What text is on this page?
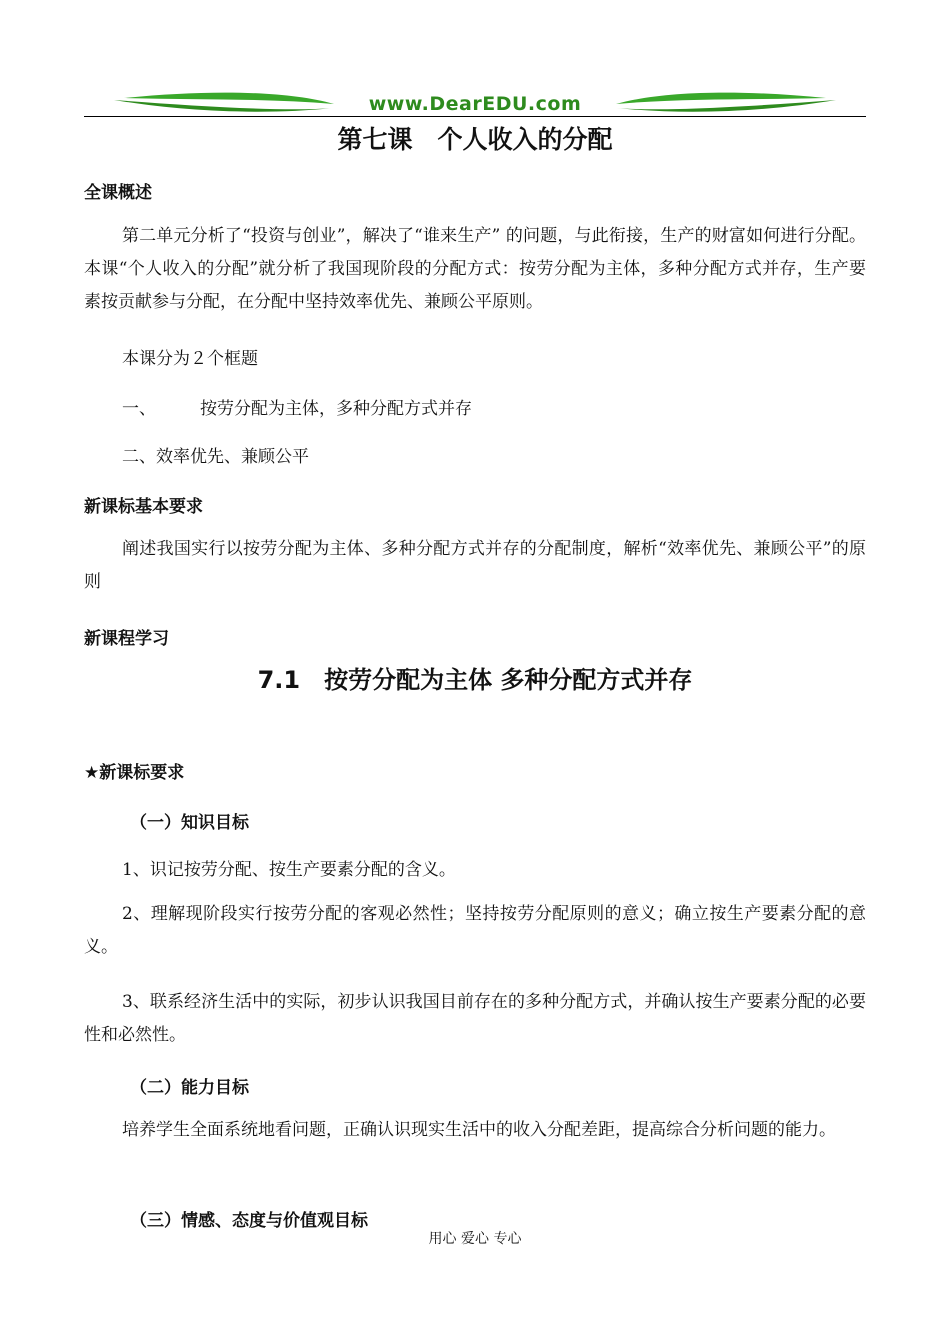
www.DearEDU.com
第七课　个人收入的分配
全课概述
第二单元分析了“投资与创业”，解决了“谁来生产” 的问题，与此衔接，生产的财富如何进行分配。本课“个人收入的分配”就分析了我国现阶段的分配方式：按劳分配为主体，多种分配方式并存，生产要素按贡献参与分配，在分配中坚持效率优先、兼顾公平原则。
本课分为２个框题
一、	按劳分配为主体，多种分配方式并存
二、效率优先、兼顾公平
新课标基本要求
阐述我国实行以按劳分配为主体、多种分配方式并存的分配制度，解析“效率优先、兼顾公平”的原则
新课程学习
7.1　按劳分配为主体 多种分配方式并存
★新课标要求
（一）知识目标
1、识记按劳分配、按生产要素分配的含义。
2、理解现阶段实行按劳分配的客观必然性；坚持按劳分配原则的意义；确立按生产要素分配的意义。
3、联系经济生活中的实际，初步认识我国目前存在的多种分配方式，并确认按生产要素分配的必要性和必然性。
（二）能力目标
培养学生全面系统地看问题，正确认识现实生活中的收入分配差距，提高综合分析问题的能力。
（三）情感、态度与价值观目标
用心 爱心 专心
